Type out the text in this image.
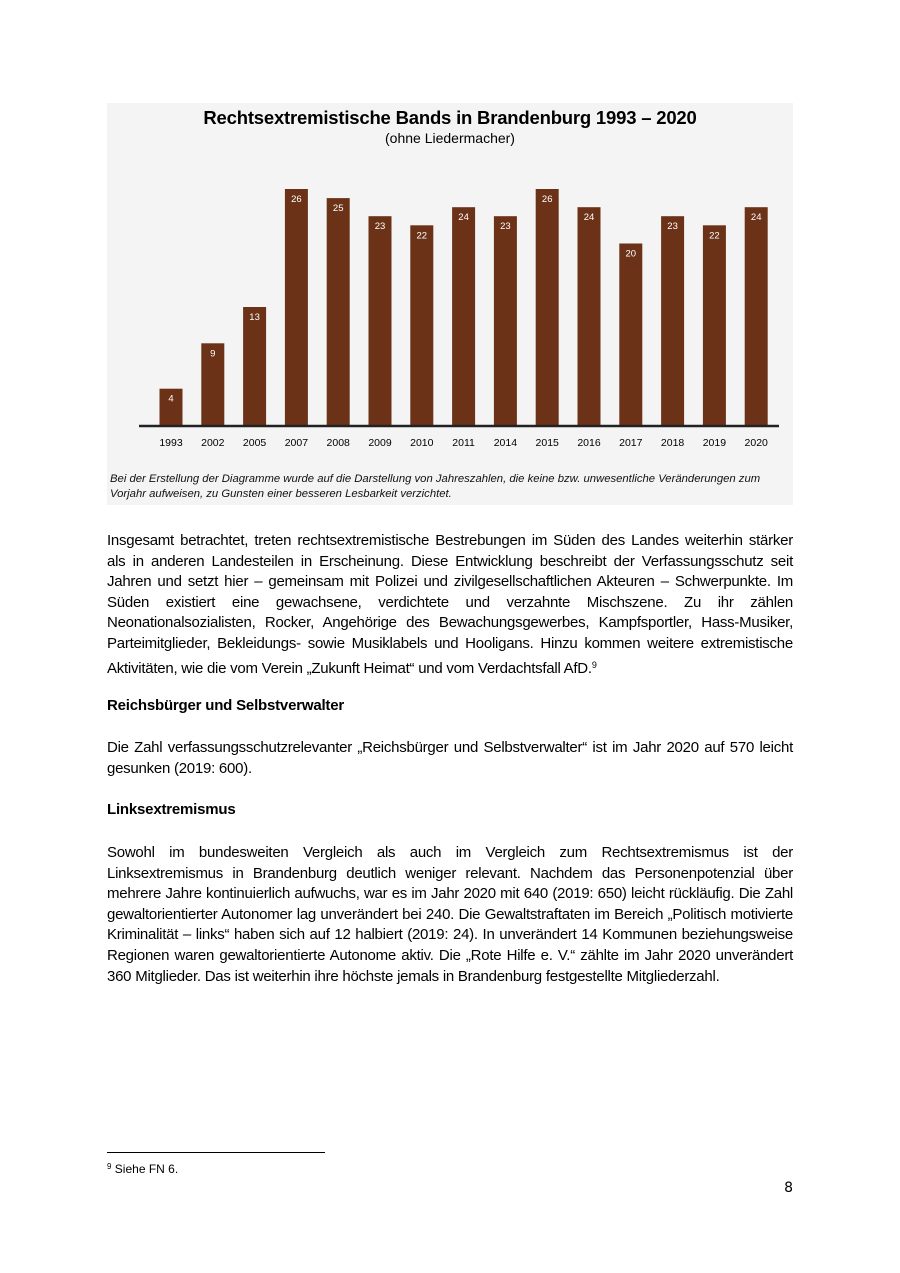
Rechtsextremistische Bands in Brandenburg 1993 – 2020
(ohne Liedermacher)
4
1993
9
2002
13
2005
26
2007
25
2008
23
2009
22
2010
24
2011
23
2014
26
2015
24
2016
20
2017
23
2018
22
2019
24
2020
Bei der Erstellung der Diagramme wurde auf die Darstellung von Jahreszahlen, die keine bzw. unwesentliche Veränderungen zum Vorjahr aufweisen, zu Gunsten einer besseren Lesbarkeit verzichtet.

Insgesamt betrachtet, treten rechtsextremistische Bestrebungen im Süden des Landes weiterhin stärker als in anderen Landesteilen in Erscheinung. Diese Entwicklung beschreibt der Verfassungsschutz seit Jahren und setzt hier – gemeinsam mit Polizei und zivilgesellschaftlichen Akteuren – Schwerpunkte. Im Süden existiert eine gewachsene, verdichtete und verzahnte Mischszene. Zu ihr zählen Neonationalsozialisten, Rocker, Angehörige des Bewachungsgewerbes, Kampfsportler, Hass-Musiker, Parteimitglieder, Bekleidungs- sowie Musiklabels und Hooligans. Hinzu kommen weitere extremistische Aktivitäten, wie die vom Verein „Zukunft Heimat“ und vom Verdachtsfall AfD.$^9$

Reichsbürger und Selbstverwalter

Die Zahl verfassungsschutzrelevanter „Reichsbürger und Selbstverwalter“ ist im Jahr 2020 auf 570 leicht gesunken (2019: 600).

Linksextremismus

Sowohl im bundesweiten Vergleich als auch im Vergleich zum Rechtsextremismus ist der Linksextremismus in Brandenburg deutlich weniger relevant. Nachdem das Personenpotenzial über mehrere Jahre kontinuierlich aufwuchs, war es im Jahr 2020 mit 640 (2019: 650) leicht rückläufig. Die Zahl gewaltorientierter Autonomer lag unverändert bei 240. Die Gewaltstraftaten im Bereich „Politisch motivierte Kriminalität – links“ haben sich auf 12 halbiert (2019: 24). In unverändert 14 Kommunen beziehungsweise Regionen waren gewaltorientierte Autonome aktiv. Die „Rote Hilfe e. V.“ zählte im Jahr 2020 unverändert 360 Mitglieder. Das ist weiterhin ihre höchste jemals in Brandenburg festgestellte Mitgliederzahl.

$^9$ Siehe FN 6.
8
